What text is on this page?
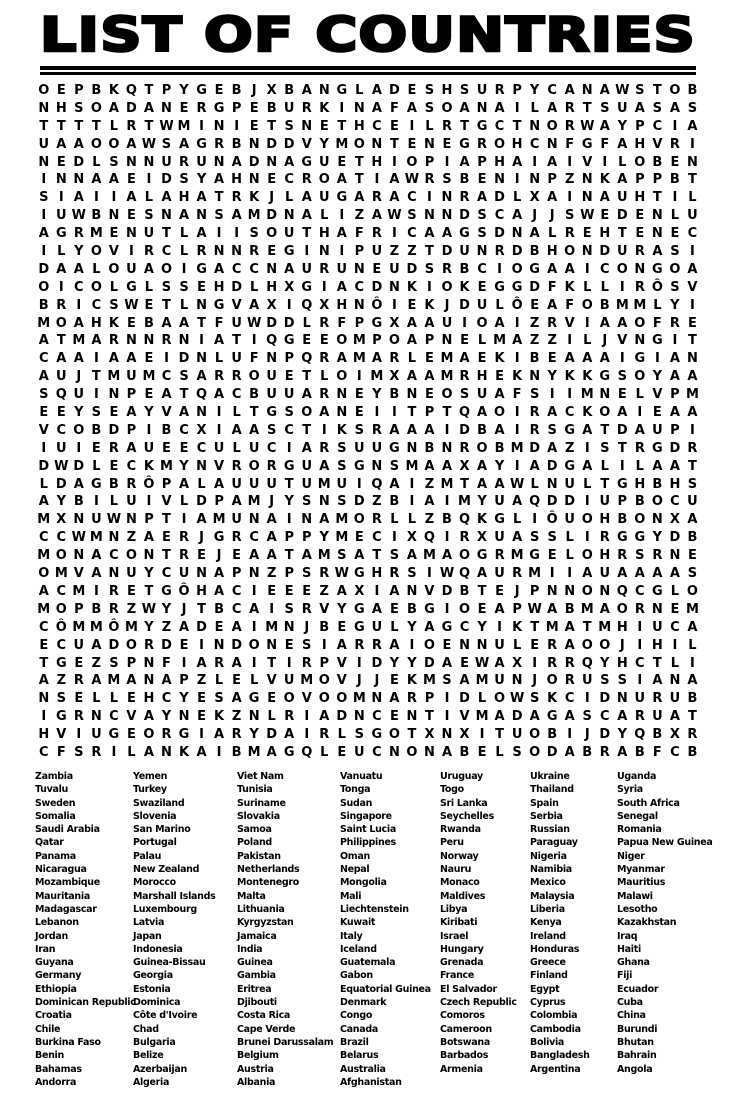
LIST OF COUNTRIES
O E P B K Q T P Y G E B J X B A N G L A D E S H S U R P Y C A N A W S T O B
N H S O A D A N E R G P E B U R K I N A F A S O A N A I L A R T S U A S A S
T T T T L R T W M I N I E T S N E T H C E I L R T G C T N O R W A Y P C I A
U A A O O A W S A G R B N D D V Y M O N T E N E G R O H C N F G F A H V R I
N E D L S N N U R U N A D N A G U E T H I O P I A P H A I A I V I L O B E N
I N N A A E I D S Y A H N E C R O A T I A W R S B E N I N P Z N K A P P B T
S I A I I A L A H A T R K J L A U G A R A C I N R A D L X A I N A U H T I L
I U W B N E S N A N S A M D N A L I Z A W S N N D S C A J J S W E D E N L U
A G R M E N U T L A I I S O U T H A F R I C A A G S D N A L R E H T E N E C
I L Y O V I R C L R N N R E G I N I P U Z Z T D U N R D B H O N D U R A S I
D A A L O U A O I G A C C N A U R U N E U D S R B C I O G A A I C O N G O A
O I C O L G L S S E H D L H X G I A C D N K I O K E G G D F K L L I R Ô S V
B R I C S W E T L N G V A X I Q X H N Ô I E K J D U L Ô E A F O B M M L Y I
M O A H K E B A A T F U W D D L R F P G X A A U I O A I Z R V I A A O F R E
A T M A R N N R N I A T I Q G E E O M P O A P N E L M A Z Z I L J V N G I T
C A A I A A E I D N L U F N P Q R A M A R L E M A E K I B E A A A I G I A N
A U J T M U M C S A R R O U E T L O I M X A A M R H E K N Y K K G S O Y A A
S Q U I N P E A T Q A C B U U A R N E Y B N E O S U A F S I I M N E L V P M
E E Y S E A Y V A N I L T G S O A N E I I T P T Q A O I R A C K O A I E A A
V C O B D P I B C X I A A S C T I K S R A A A I D B A I R S G A T D A U P I
I U I E R A U E E C U L U C I A R S U U G N B N R O B M D A Z I S T R G D R
D W D L E C K M Y N V R O R G U A S G N S M A A X A Y I A D G A L I L A A T
L D A G B R Ô P A L A U U U T U M U I Q A I Z M T A A W L N U L T G H B H S
A Y B I L U I V L D P A M J Y S N S D Z B I A I M Y U A Q D D I U P B O C U
M X N U W N P T I A M U N A I N A M O R L L Z B Q K G L I Ô U O H B O N X A
C C W M N Z A E R J G R C A P P Y M E C I X Q I R X U A S S L I R G G Y D B
M O N A C O N T R E J E A A T A M S A T S A M A O G R M G E L O H R S R N E
O M V A N U Y C U N A P N Z P S R W G H R S I W Q A U R M I I A U A A A A S
A C M I R E T G Ô H A C I E E E Z A X I A N V D B T E J P N N O N Q C G L O
M O P B R Z W Y J T B C A I S R V Y G A E B G I O E A P W A B M A O R N E M
C Ô M M Ô M Y Z A D E A I M N J B E G U L Y A G C Y I K T M A T M H I U C A
E C U A D O R D E I N D O N E S I A R R A I O E N N U L E R A O O J I H I L
T G E Z S P N F I A R A I T I R P V I D Y Y D A E W A X I R R Q Y H C T L I
A Z R A M A N A P Z L E L V U M O V J J E K M S A M U N J O R U S S I A N A
N S E L L E H C Y E S A G E O V O O M N A R P I D L O W S K C I D N U R U B
I G R N C V A Y N E K Z N L R I A D N C E N T I V M A D A G A S C A R U A T
H V I U G E O R G I A R Y D A I R L S G O T X N X I T U O B I J D Y Q B X R
C F S R I L A N K A I B M A G Q L E U C N O N A B E L S O D A B R A B F C B
Zambia
Tuvalu
Sweden
Somalia
Saudi Arabia
Qatar
Panama
Nicaragua
Mozambique
Mauritania
Madagascar
Lebanon
Jordan
Iran
Guyana
Germany
Ethiopia
Dominican Republic
Croatia
Chile
Burkina Faso
Benin
Bahamas
Andorra
Yemen
Turkey
Swaziland
Slovenia
San Marino
Portugal
Palau
New Zealand
Morocco
Marshall Islands
Luxembourg
Latvia
Japan
Indonesia
Guinea-Bissau
Georgia
Estonia
Dominica
Côte d'Ivoire
Chad
Bulgaria
Belize
Azerbaijan
Algeria
Viet Nam
Tunisia
Suriname
Slovakia
Samoa
Poland
Pakistan
Netherlands
Montenegro
Malta
Lithuania
Kyrgyzstan
Jamaica
India
Guinea
Gambia
Eritrea
Djibouti
Costa Rica
Cape Verde
Brunei Darussalam
Belgium
Austria
Albania
Vanuatu
Tonga
Sudan
Singapore
Saint Lucia
Philippines
Oman
Nepal
Mongolia
Mali
Liechtenstein
Kuwait
Italy
Iceland
Guatemala
Gabon
Equatorial Guinea
Denmark
Congo
Canada
Brazil
Belarus
Australia
Afghanistan
Uruguay
Togo
Sri Lanka
Seychelles
Rwanda
Peru
Norway
Nauru
Monaco
Maldives
Libya
Kiribati
Israel
Hungary
Grenada
France
El Salvador
Czech Republic
Comoros
Cameroon
Botswana
Barbados
Armenia
Ukraine
Thailand
Spain
Serbia
Russian
Paraguay
Nigeria
Namibia
Mexico
Malaysia
Liberia
Kenya
Ireland
Honduras
Greece
Finland
Egypt
Cyprus
Colombia
Cambodia
Bolivia
Bangladesh
Argentina
Uganda
Syria
South Africa
Senegal
Romania
Papua New Guinea
Niger
Myanmar
Mauritius
Malawi
Lesotho
Kazakhstan
Iraq
Haiti
Ghana
Fiji
Ecuador
Cuba
China
Burundi
Bhutan
Bahrain
Angola
